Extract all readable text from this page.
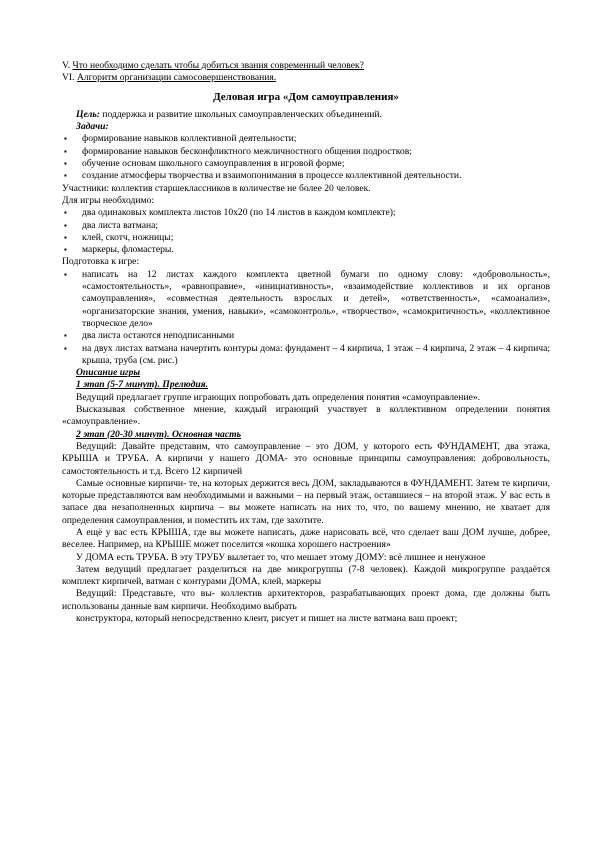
V. Что необходимо сделать чтобы добиться звания современный человек?

VI. Алгоритм организации самосовершенствования.

Деловая игра «Дом самоуправления»

Цель: поддержка и развитие школьных самоуправленческих объединений.

Задачи:

▪	формирование навыков коллективной деятельности;
▪	формирование навыков бесконфликтного межличностного общения подростков;
▪	обучение основам школьного самоуправления в игровой форме;
▪	создание атмосферы творчества и взаимопонимания в процессе коллективной деятельности.

Участники: коллектив старшеклассников в количестве не более 20 человек.

Для игры необходимо:

▪	два одинаковых комплекта листов 10х20 (по 14 листов в каждом комплекте);
▪	два листа ватмана;
▪	клей, скотч, ножницы;
▪	маркеры, фломастеры.

Подготовка к игре:

▪	написать на 12 листах каждого комплекта цветной бумаги по одному слову: «добровольность», «самостоятельность», «равноправие», «инициативность», «взаимодействие коллективов и их органов самоуправления», «совместная деятельность взрослых и детей», «ответственность», «самоанализ», «организаторские знания, умения, навыки», «самоконтроль», «творчество», «самокритичность», «коллективное творческое дело»
▪	два листа остаются неподписанными
▪	на двух листах ватмана начертить контуры дома: фундамент – 4 кирпича, 1 этаж – 4 кирпича, 2 этаж – 4 кирпича; крыша, труба (см. рис.)

Описание игры

1 этап (5-7 минут). Прелюдия.

Ведущий предлагает группе играющих попробовать дать определения понятия «самоуправление».

Высказывая собственное мнение, каждый играющий участвует в коллективном определении понятия «самоуправление».

2 этап (20-30 минут). Основная часть

Ведущий: Давайте представим, что самоуправление – это ДОМ, у которого есть ФУНДАМЕНТ, два этажа, КРЫША и ТРУБА. А кирпичи у нашего ДОМА- это основные принципы самоуправления: добровольность, самостоятельность и т.д. Всего 12 кирпичей

Самые основные кирпичи- те, на которых держится весь ДОМ, закладываются в ФУНДАМЕНТ. Затем те кирпичи, которые представляются вам необходимыми и важными – на первый этаж, оставшиеся – на второй этаж. У вас есть в запасе два незаполненных кирпича – вы можете написать на них то, что, по вашему мнению, не хватает для определения самоуправления, и поместить их там, где захотите.

А ещё у вас есть КРЫША, где вы можете написать, даже нарисовать всё, что сделает ваш ДОМ лучше, добрее, веселее. Например, на КРЫШЕ может поселится «кошка хорошего настроения»

У ДОМА есть ТРУБА. В эту ТРУБУ вылетает то, что мешает этому ДОМУ: всё лишнее и ненужное

Затем ведущий предлагает разделиться на две микрогруппы (7-8 человек). Каждой микрогруппе раздаётся комплект кирпичей, ватман с контурами ДОМА, клей, маркеры

Ведущий: Представьте, что вы- коллектив архитекторов, разрабатывающих проект дома, где должны быть использованы данные вам кирпичи. Необходимо выбрать

конструктора, который непосредственно клеит, рисует и пишет на листе ватмана ваш проект;
